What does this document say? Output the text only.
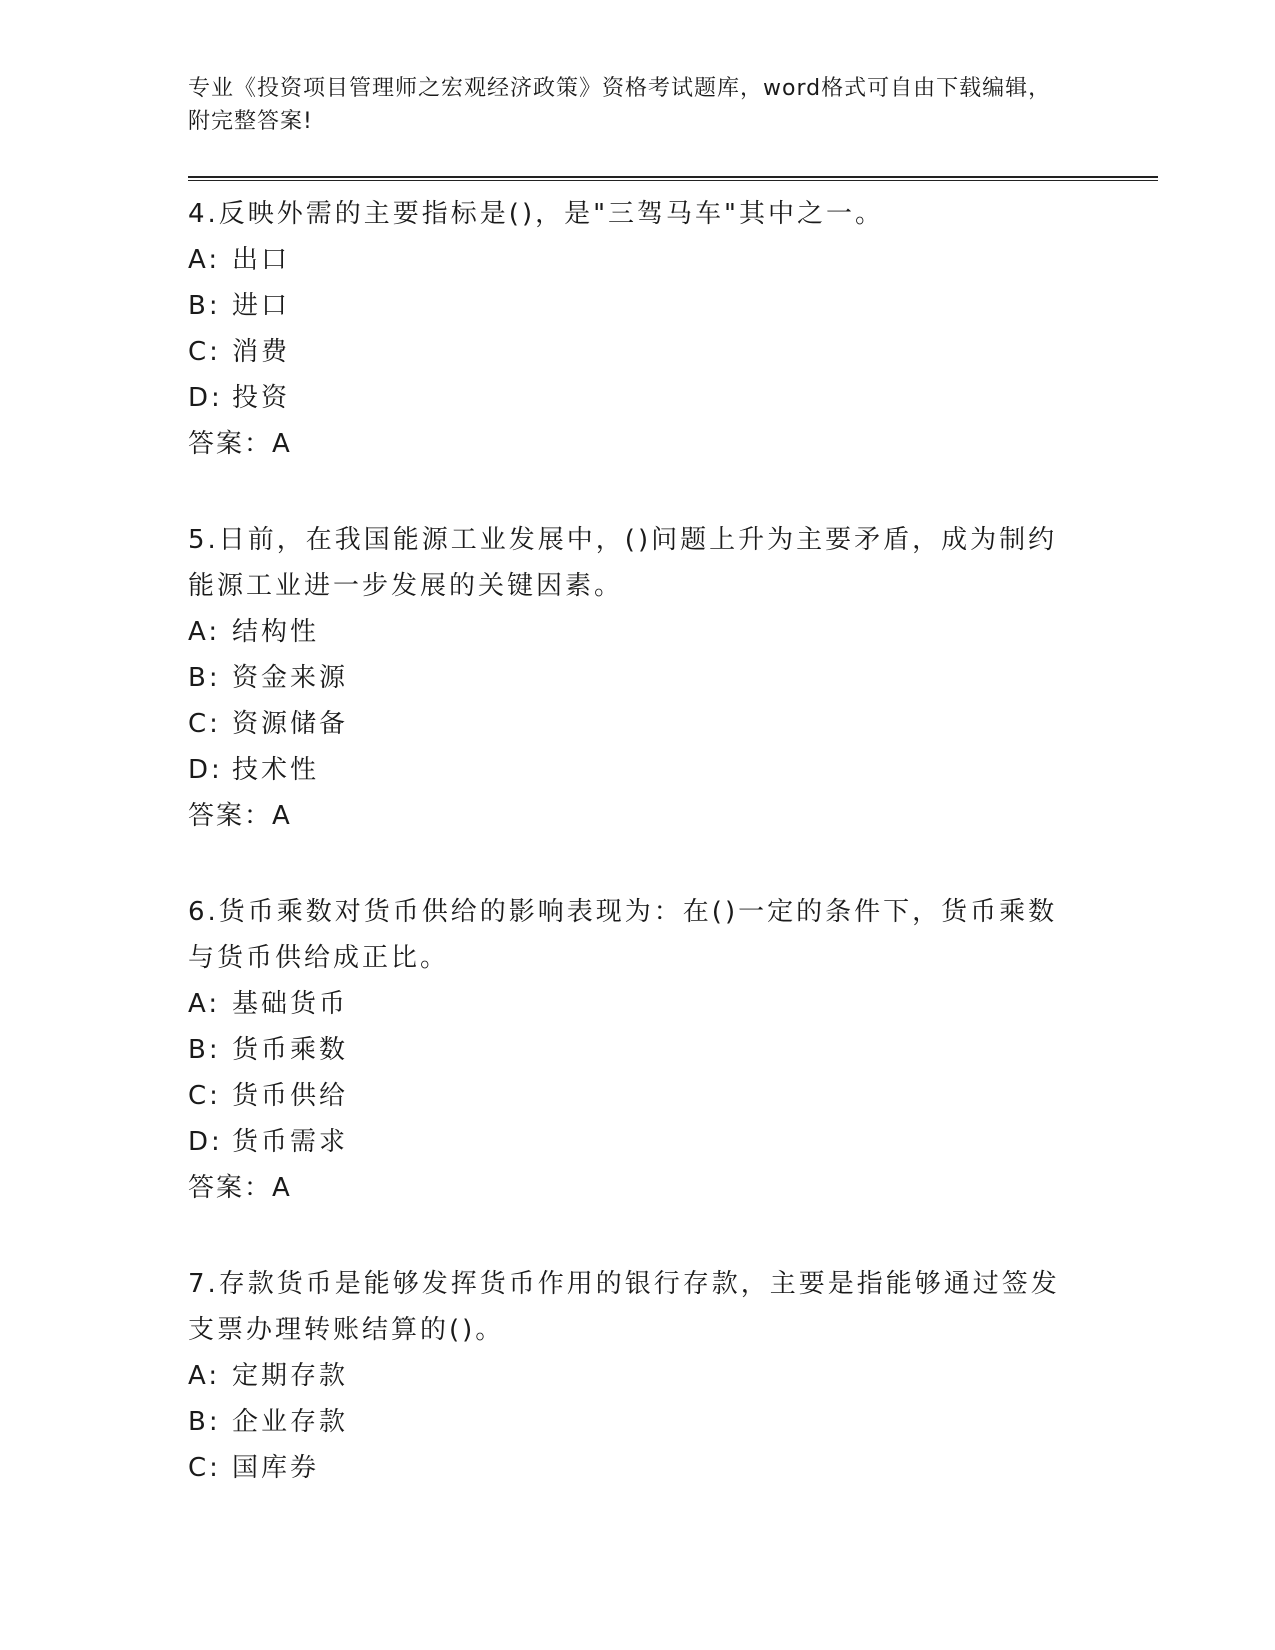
专业《投资项目管理师之宏观经济政策》资格考试题库，word格式可自由下载编辑，附完整答案!

4.反映外需的主要指标是()，是"三驾马车"其中之一。

A: 出口

B: 进口

C: 消费

D: 投资

答案：A

5.日前，在我国能源工业发展中，()问题上升为主要矛盾，成为制约能源工业进一步发展的关键因素。

A: 结构性

B: 资金来源

C: 资源储备

D: 技术性

答案：A

6.货币乘数对货币供给的影响表现为：在()一定的条件下，货币乘数与货币供给成正比。

A: 基础货币

B: 货币乘数

C: 货币供给

D: 货币需求

答案：A

7.存款货币是能够发挥货币作用的银行存款，主要是指能够通过签发支票办理转账结算的()。

A: 定期存款

B: 企业存款

C: 国库券
